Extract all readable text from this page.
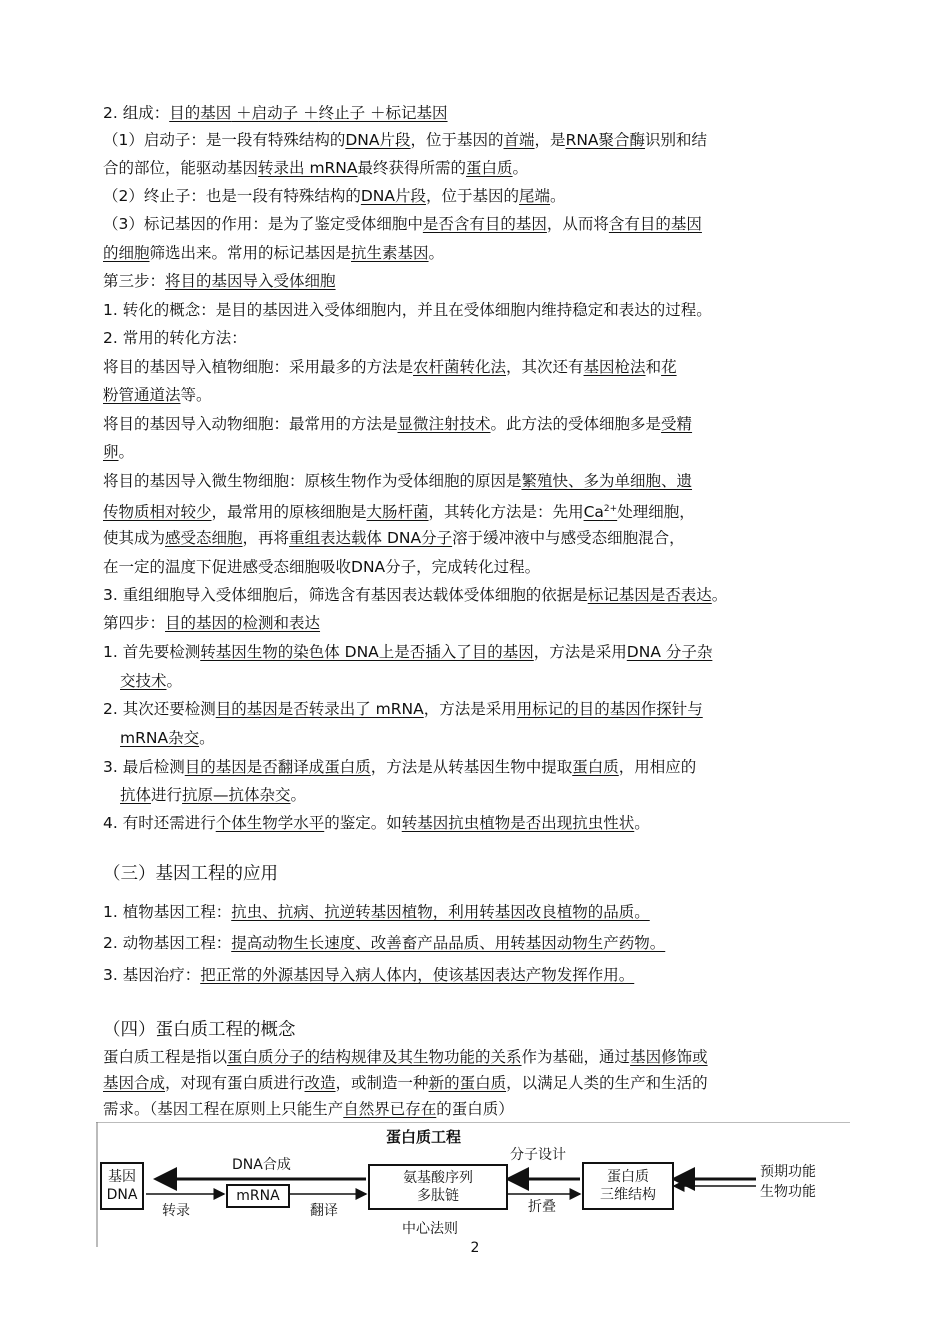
2. 组成：目的基因 ＋启动子 ＋终止子 ＋标记基因
（1）启动子：是一段有特殊结构的DNA片段，位于基因的首端，是RNA聚合酶识别和结
合的部位，能驱动基因转录出 mRNA最终获得所需的蛋白质。
（2）终止子：也是一段有特殊结构的DNA片段，位于基因的尾端。
（3）标记基因的作用：是为了鉴定受体细胞中是否含有目的基因，从而将含有目的基因
的细胞筛选出来。常用的标记基因是抗生素基因。
第三步：将目的基因导入受体细胞
1. 转化的概念：是目的基因进入受体细胞内，并且在受体细胞内维持稳定和表达的过程。
2. 常用的转化方法：
将目的基因导入植物细胞：采用最多的方法是农杆菌转化法，其次还有基因枪法和花
粉管通道法等。
将目的基因导入动物细胞：最常用的方法是显微注射技术。此方法的受体细胞多是受精
卵。
将目的基因导入微生物细胞：原核生物作为受体细胞的原因是繁殖快、多为单细胞、遗
传物质相对较少，最常用的原核细胞是大肠杆菌，其转化方法是：先用$Ca^{2+}$处理细胞，
使其成为感受态细胞，再将重组表达载体 DNA分子溶于缓冲液中与感受态细胞混合，
在一定的温度下促进感受态细胞吸收DNA分子，完成转化过程。
3. 重组细胞导入受体细胞后，筛选含有基因表达载体受体细胞的依据是标记基因是否表达。
第四步：目的基因的检测和表达
1. 首先要检测转基因生物的染色体 DNA上是否插入了目的基因，方法是采用DNA 分子杂
交技术。
2. 其次还要检测目的基因是否转录出了 mRNA，方法是采用用标记的目的基因作探针与
mRNA杂交。
3. 最后检测目的基因是否翻译成蛋白质，方法是从转基因生物中提取蛋白质，用相应的
抗体进行抗原—抗体杂交。
4. 有时还需进行个体生物学水平的鉴定。如转基因抗虫植物是否出现抗虫性状。
（三）基因工程的应用
1. 植物基因工程：抗虫、抗病、抗逆转基因植物，利用转基因改良植物的品质。
2. 动物基因工程：提高动物生长速度、改善畜产品品质、用转基因动物生产药物。
3. 基因治疗：把正常的外源基因导入病人体内，使该基因表达产物发挥作用。
（四）蛋白质工程的概念
蛋白质工程是指以蛋白质分子的结构规律及其生物功能的关系作为基础，通过基因修饰或
基因合成，对现有蛋白质进行改造，或制造一种新的蛋白质，以满足人类的生产和生活的
需求。（基因工程在原则上只能生产自然界已存在的蛋白质）
蛋白质工程
基因
DNA
DNA合成
mRNA
转录	翻译
氨基酸序列
多肽链
中心法则
分子设计
折叠
蛋白质
三维结构
预期功能
生物功能
2
